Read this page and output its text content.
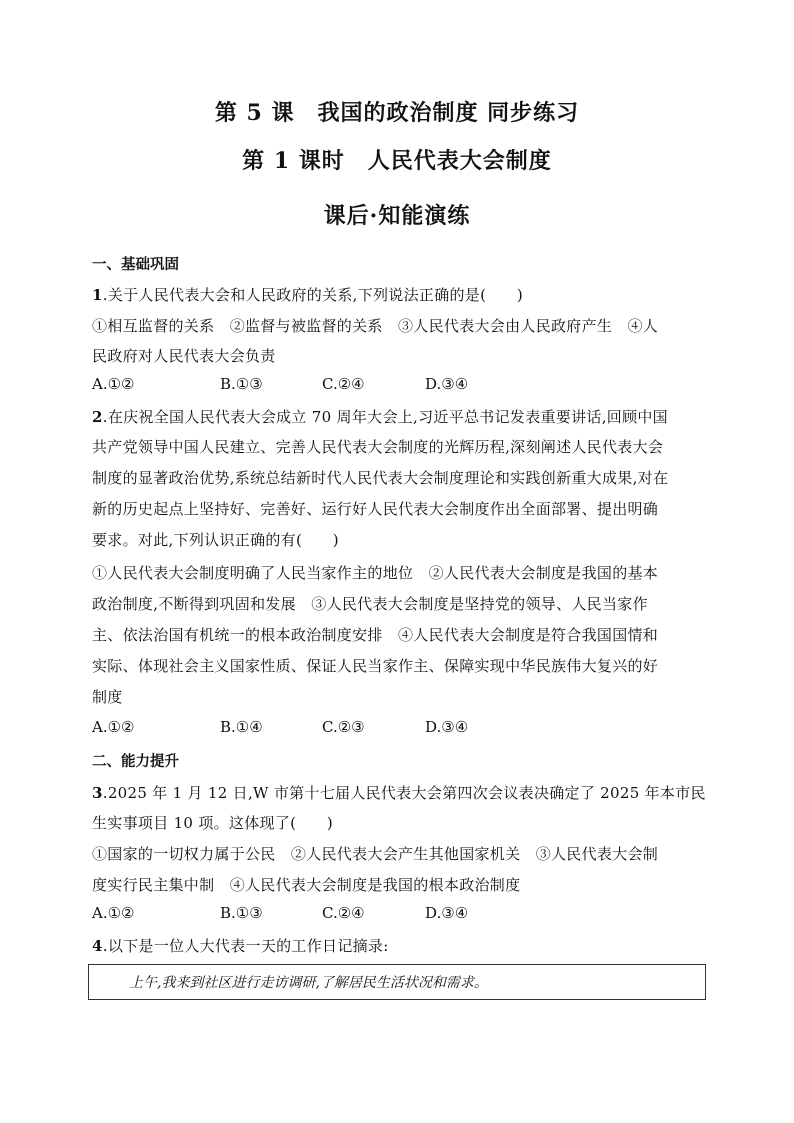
第 5 课　我国的政治制度 同步练习
第 1 课时　人民代表大会制度
课后·知能演练
一、基础巩固
1.关于人民代表大会和人民政府的关系,下列说法正确的是(　　)
①相互监督的关系　②监督与被监督的关系　③人民代表大会由人民政府产生　④人
民政府对人民代表大会负责
A.①②	B.①③	C.②④	D.③④
2.在庆祝全国人民代表大会成立 70 周年大会上,习近平总书记发表重要讲话,回顾中国
共产党领导中国人民建立、完善人民代表大会制度的光辉历程,深刻阐述人民代表大会
制度的显著政治优势,系统总结新时代人民代表大会制度理论和实践创新重大成果,对在
新的历史起点上坚持好、完善好、运行好人民代表大会制度作出全面部署、提出明确
要求。对此,下列认识正确的有(　　)
①人民代表大会制度明确了人民当家作主的地位　②人民代表大会制度是我国的基本
政治制度,不断得到巩固和发展　③人民代表大会制度是坚持党的领导、人民当家作
主、依法治国有机统一的根本政治制度安排　④人民代表大会制度是符合我国国情和
实际、体现社会主义国家性质、保证人民当家作主、保障实现中华民族伟大复兴的好
制度
A.①②	B.①④	C.②③	D.③④
二、能力提升
3.2025 年 1 月 12 日,W 市第十七届人民代表大会第四次会议表决确定了 2025 年本市民
生实事项目 10 项。这体现了(　　)
①国家的一切权力属于公民　②人民代表大会产生其他国家机关　③人民代表大会制
度实行民主集中制　④人民代表大会制度是我国的根本政治制度
A.①②	B.①③	C.②④	D.③④
4.以下是一位人大代表一天的工作日记摘录:
上午,我来到社区进行走访调研,了解居民生活状况和需求。
